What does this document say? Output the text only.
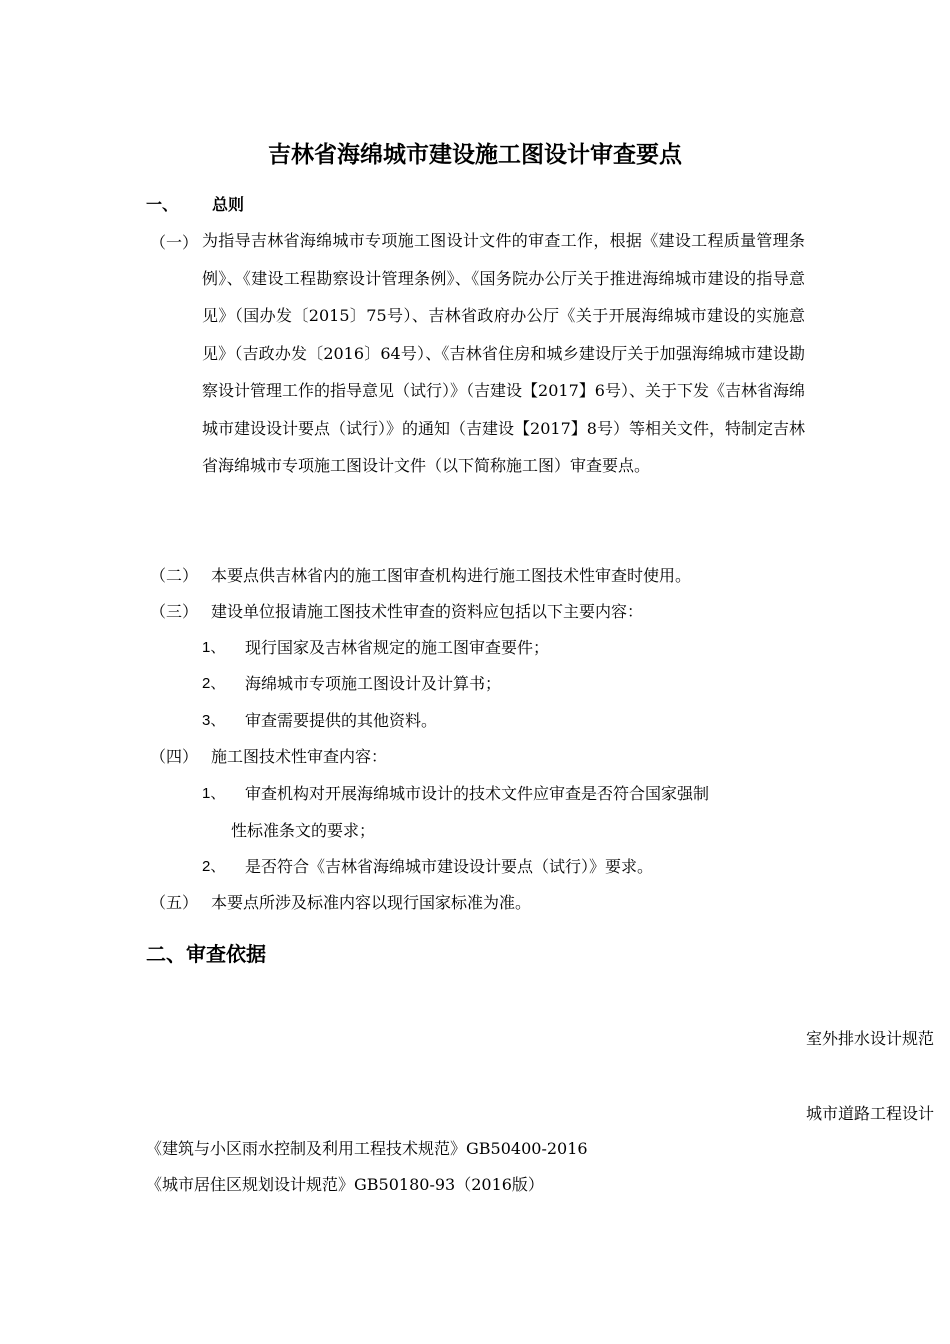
吉林省海绵城市建设施工图设计审查要点
一、 总则
（一） 为指导吉林省海绵城市专项施工图设计文件的审查工作，根据《建设工程质量管理条例》、《建设工程勘察设计管理条例》、《国务院办公厅关于推进海绵城市建设的指导意见》（国办发〔2015〕75号）、吉林省政府办公厅《关于开展海绵城市建设的实施意见》（吉政办发〔2016〕64号）、《吉林省住房和城乡建设厅关于加强海绵城市建设勘察设计管理工作的指导意见（试行）》（吉建设【2017】6号）、关于下发《吉林省海绵城市建设设计要点（试行）》的通知（吉建设【2017】8号）等相关文件，特制定吉林省海绵城市专项施工图设计文件（以下简称施工图）审查要点。
（二） 本要点供吉林省内的施工图审查机构进行施工图技术性审查时使用。
（三） 建设单位报请施工图技术性审查的资料应包括以下主要内容：
1、 现行国家及吉林省规定的施工图审查要件；
2、 海绵城市专项施工图设计及计算书；
3、 审查需要提供的其他资料。
（四） 施工图技术性审查内容：
1、 审查机构对开展海绵城市设计的技术文件应审查是否符合国家强制
性标准条文的要求；
2、 是否符合《吉林省海绵城市建设设计要点（试行）》要求。
（五） 本要点所涉及标准内容以现行国家标准为准。
二、审查依据
室外排水设计规范
城市道路工程设计
《建筑与小区雨水控制及利用工程技术规范》GB50400-2016
《城市居住区规划设计规范》GB50180-93（2016版）
